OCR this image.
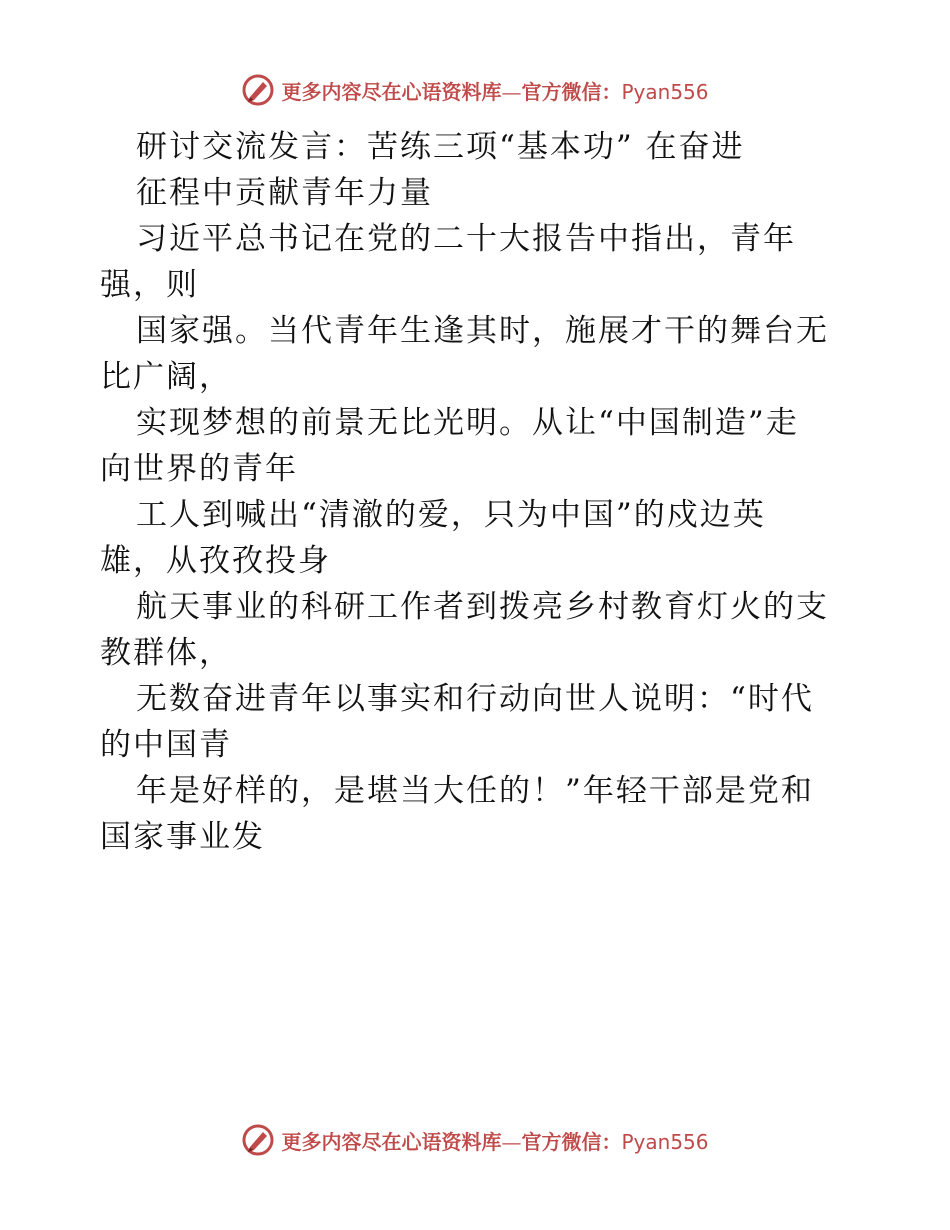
更多内容尽在心语资料库—官方微信：Pyan556
研讨交流发言：苦练三项“基本功” 在奋进
征程中贡献青年力量
习近平总书记在党的二十大报告中指出，青年
强，则
国家强。当代青年生逢其时，施展才干的舞台无
比广阔，
实现梦想的前景无比光明。从让“中国制造”走
向世界的青年
工人到喊出“清澈的爱，只为中国”的戍边英
雄，从孜孜投身
航天事业的科研工作者到拨亮乡村教育灯火的支
教群体，
无数奋进青年以事实和行动向世人说明：“时代
的中国青
年是好样的，是堪当大任的！”年轻干部是党和
国家事业发
更多内容尽在心语资料库—官方微信：Pyan556
